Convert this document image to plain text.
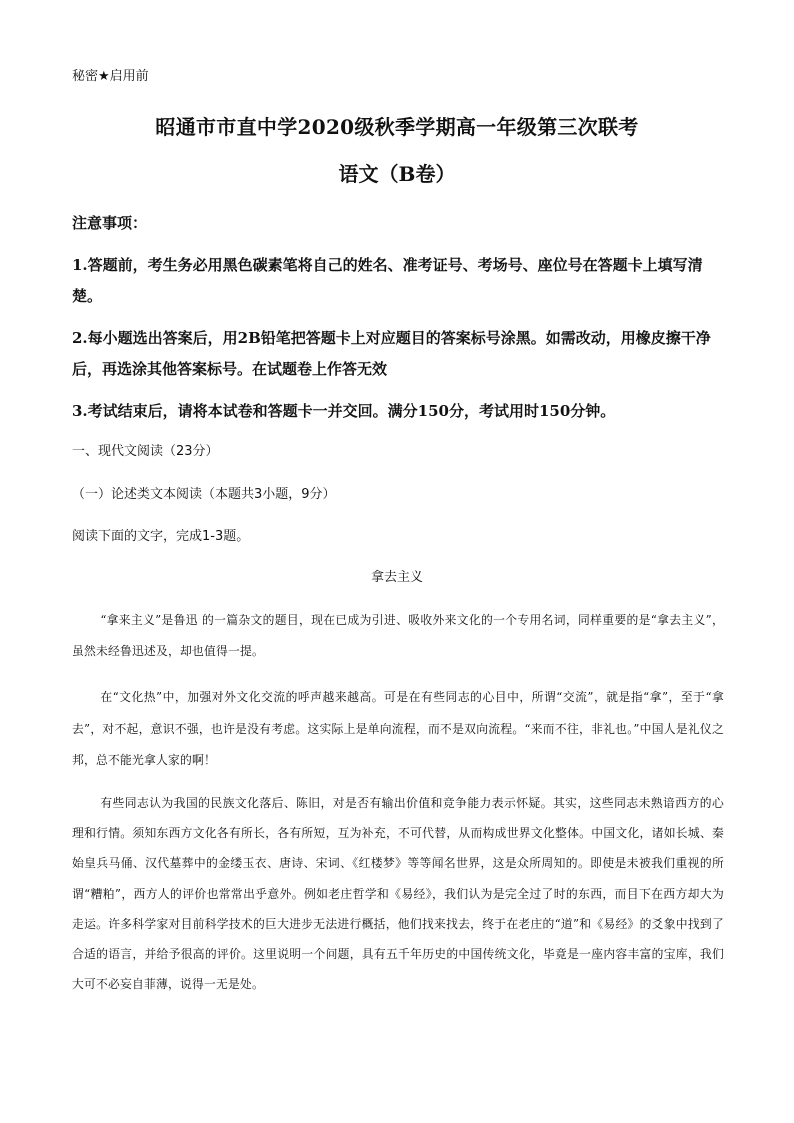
秘密★启用前
昭通市市直中学2020级秋季学期高一年级第三次联考
语文（B卷）
注意事项：
1.答题前，考生务必用黑色碳素笔将自己的姓名、准考证号、考场号、座位号在答题卡上填写清楚。
2.每小题选出答案后，用2B铅笔把答题卡上对应题目的答案标号涂黑。如需改动，用橡皮擦干净后，再选涂其他答案标号。在试题卷上作答无效
3.考试结束后，请将本试卷和答题卡一并交回。满分150分，考试用时150分钟。
一、现代文阅读（23分）
（一）论述类文本阅读（本题共3小题，9分）
阅读下面的文字，完成1-3题。
拿去主义
“拿来主义”是鲁迅 的一篇杂文的题目，现在已成为引进、吸收外来文化的一个专用名词，同样重要的是“拿去主义”，虽然未经鲁迅述及，却也值得一提。
在“文化热”中，加强对外文化交流的呼声越来越高。可是在有些同志的心目中，所谓“交流”，就是指“拿”，至于“拿去”，对不起，意识不强，也许是没有考虑。这实际上是单向流程，而不是双向流程。“来而不往，非礼也。”中国人是礼仪之邦，总不能光拿人家的啊！
有些同志认为我国的民族文化落后、陈旧，对是否有输出价值和竞争能力表示怀疑。其实，这些同志未熟谙西方的心理和行情。须知东西方文化各有所长，各有所短，互为补充，不可代替，从而构成世界文化整体。中国文化，诸如长城、秦始皇兵马俑、汉代墓葬中的金缕玉衣、唐诗、宋词、《红楼梦》等等闻名世界，这是众所周知的。即使是未被我们重视的所谓“糟粕”，西方人的评价也常常出乎意外。例如老庄哲学和《易经》，我们认为是完全过了时的东西，而目下在西方却大为走运。许多科学家对目前科学技术的巨大进步无法进行概括，他们找来找去，终于在老庄的“道”和《易经》的爻象中找到了合适的语言，并给予很高的评价。这里说明一个问题，具有五千年历史的中国传统文化，毕竟是一座内容丰富的宝库，我们大可不必妄自菲薄，说得一无是处。
